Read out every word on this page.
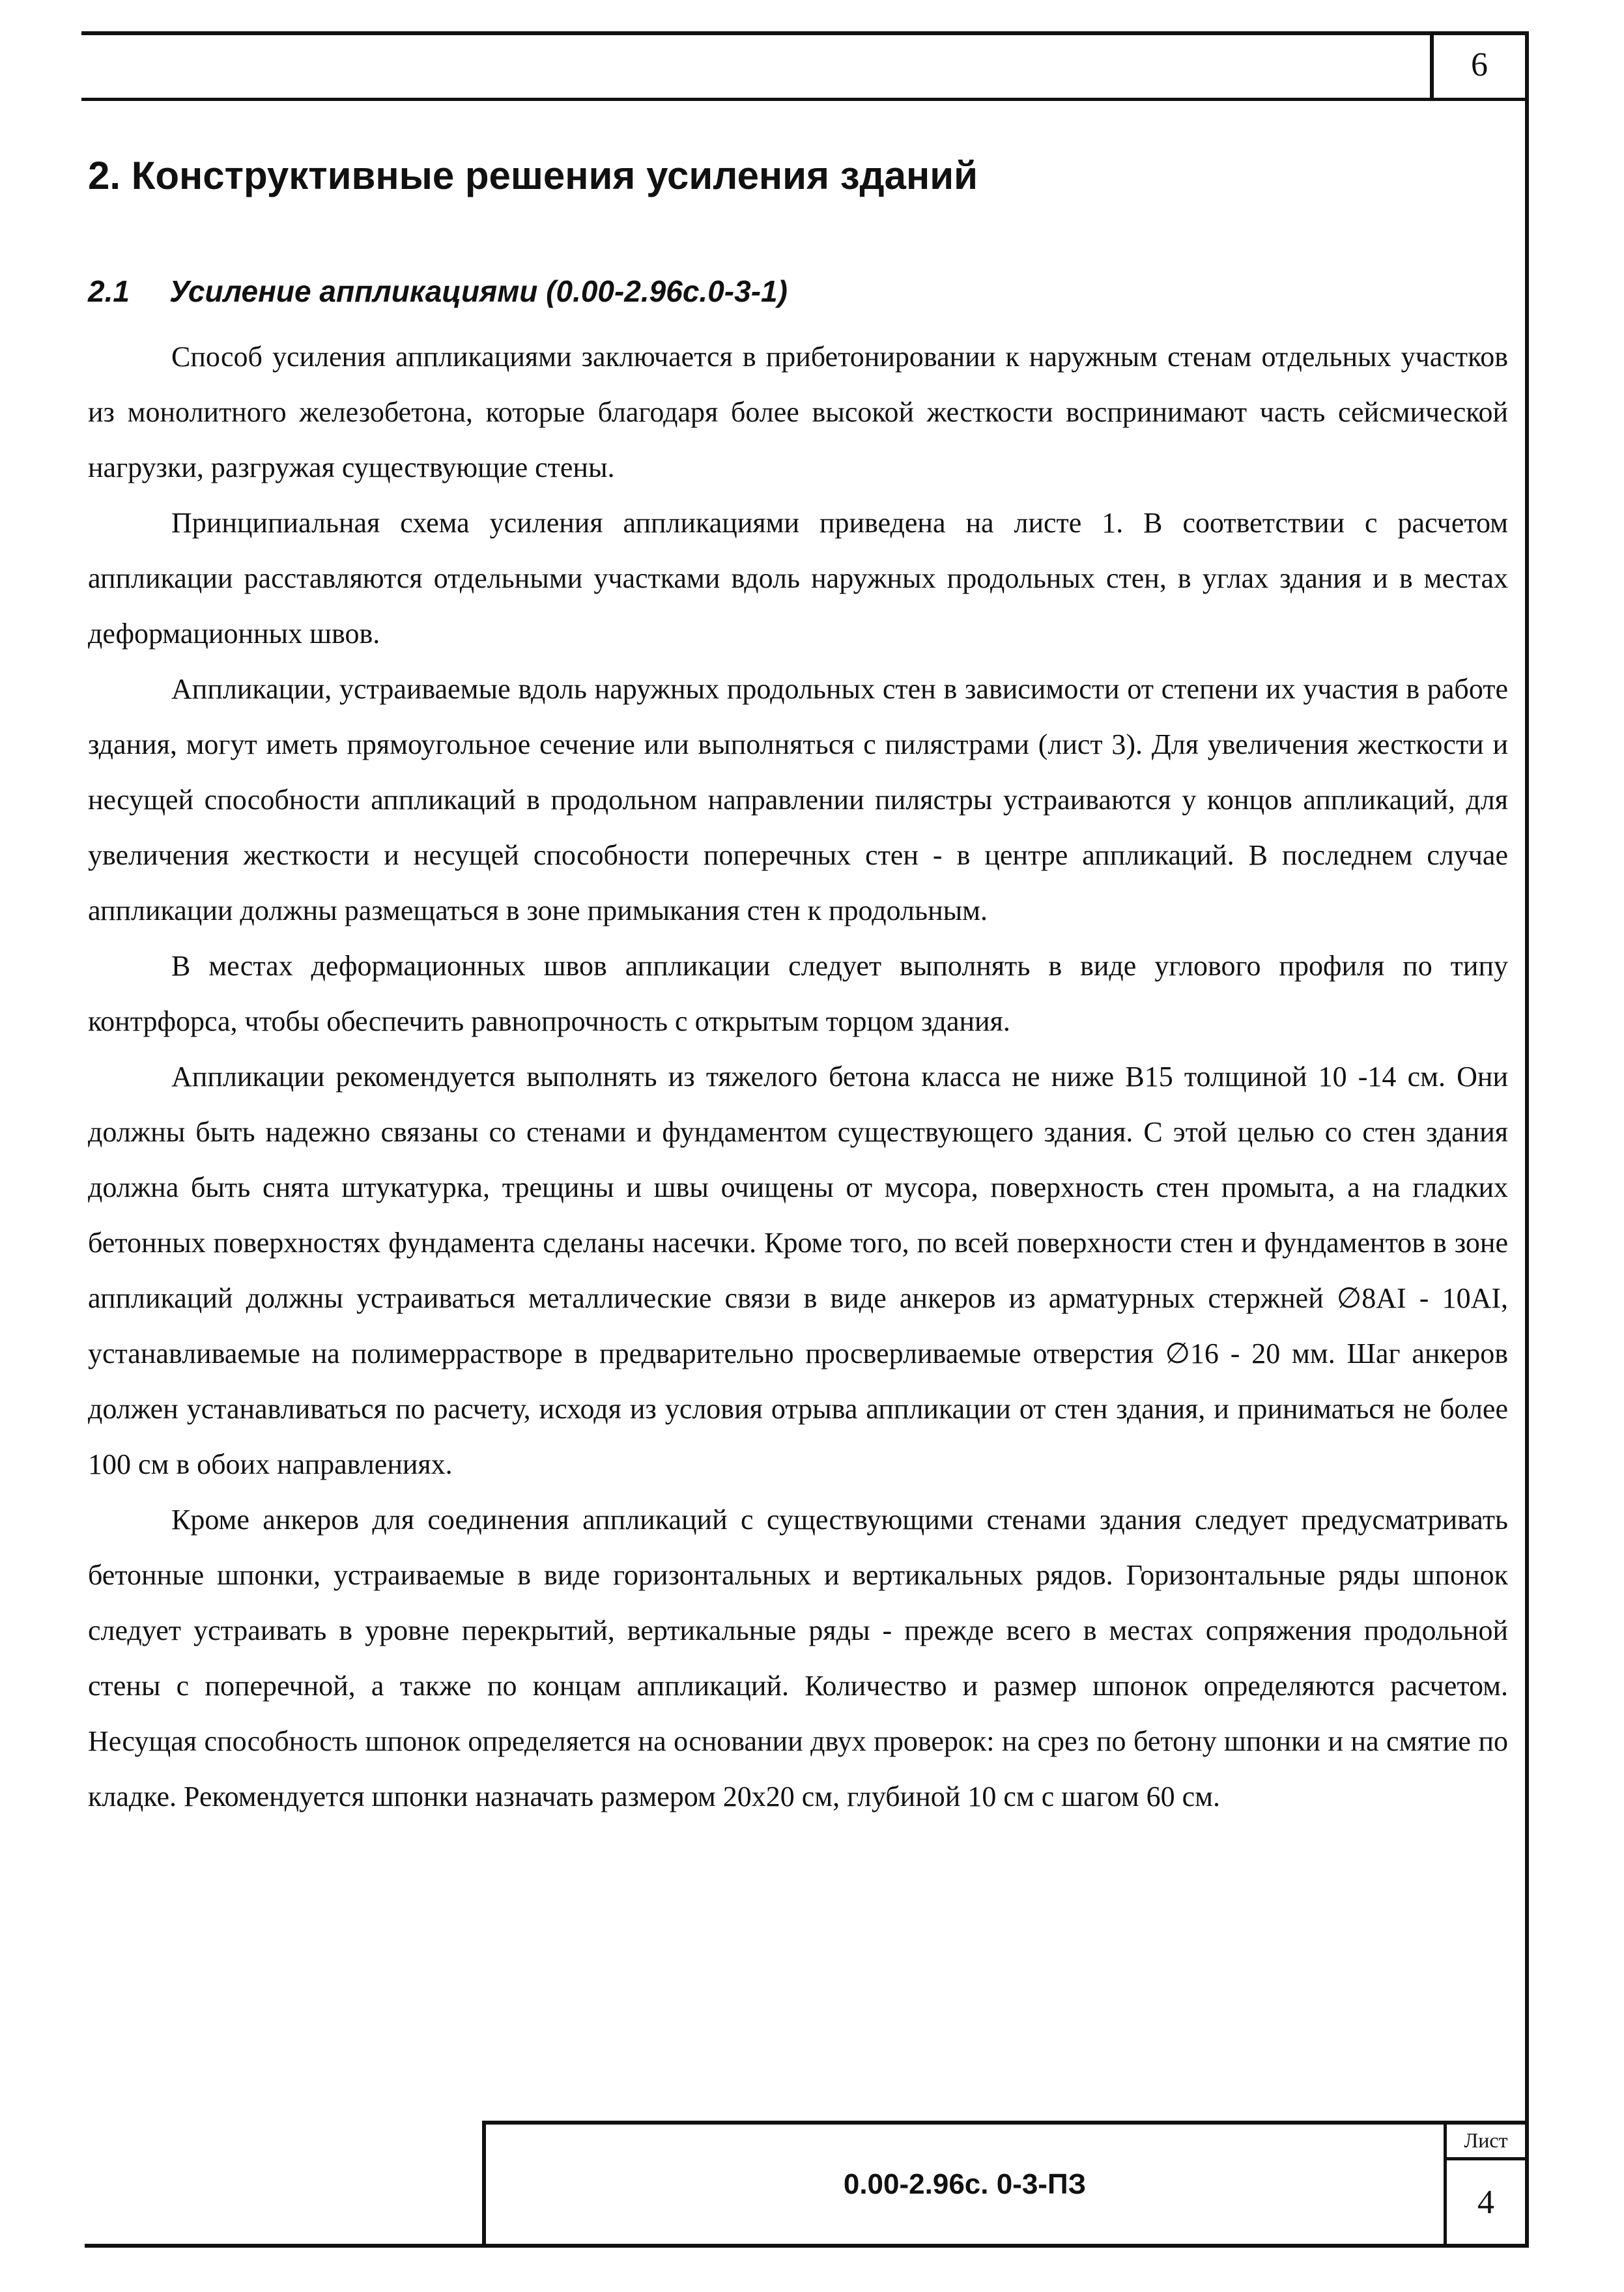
6
2. Конструктивные решения усиления зданий
2.1 Усиление аппликациями (0.00-2.96с.0-3-1)

Способ усиления аппликациями заключается в прибетонировании к наружным стенам отдельных участков из монолитного железобетона, которые благодаря более высокой жесткости воспринимают часть сейсмической нагрузки, разгружая существующие стены.

Принципиальная схема усиления аппликациями приведена на листе 1. В соответствии с расчетом аппликации расставляются отдельными участками вдоль наружных продольных стен, в углах здания и в местах деформационных швов.

Аппликации, устраиваемые вдоль наружных продольных стен в зависимости от степени их участия в работе здания, могут иметь прямоугольное сечение или выполняться с пилястрами (лист 3). Для увеличения жесткости и несущей способности аппликаций в продольном направлении пилястры устраиваются у концов аппликаций, для увеличения жесткости и несущей способности поперечных стен - в центре аппликаций. В последнем случае аппликации должны размещаться в зоне примыкания стен к продольным.

В местах деформационных швов аппликации следует выполнять в виде углового профиля по типу контрфорса, чтобы обеспечить равнопрочность с открытым торцом здания.

Аппликации рекомендуется выполнять из тяжелого бетона класса не ниже В15 толщиной 10 -14 см. Они должны быть надежно связаны со стенами и фундаментом существующего здания. С этой целью со стен здания должна быть снята штукатурка, трещины и швы очищены от мусора, поверхность стен промыта, а на гладких бетонных поверхностях фундамента сделаны насечки. Кроме того, по всей поверхности стен и фундаментов в зоне аппликаций должны устраиваться металлические связи в виде анкеров из арматурных стержней ∅8AI - 10AI, устанавливаемые на полимеррастворе в предварительно просверливаемые отверстия ∅16 - 20 мм. Шаг анкеров должен устанавливаться по расчету, исходя из условия отрыва аппликации от стен здания, и приниматься не более 100 см в обоих направлениях.

Кроме анкеров для соединения аппликаций с существующими стенами здания следует предусматривать бетонные шпонки, устраиваемые в виде горизонтальных и вертикальных рядов. Горизонтальные ряды шпонок следует устраивать в уровне перекрытий, вертикальные ряды - прежде всего в местах сопряжения продольной стены с поперечной, а также по концам аппликаций. Количество и размер шпонок определяются расчетом. Несущая способность шпонок определяется на основании двух проверок: на срез по бетону шпонки и на смятие по кладке. Рекомендуется шпонки назначать размером 20x20 см, глубиной 10 см с шагом 60 см.

0.00-2.96с. 0-3-ПЗ
Лист
4
